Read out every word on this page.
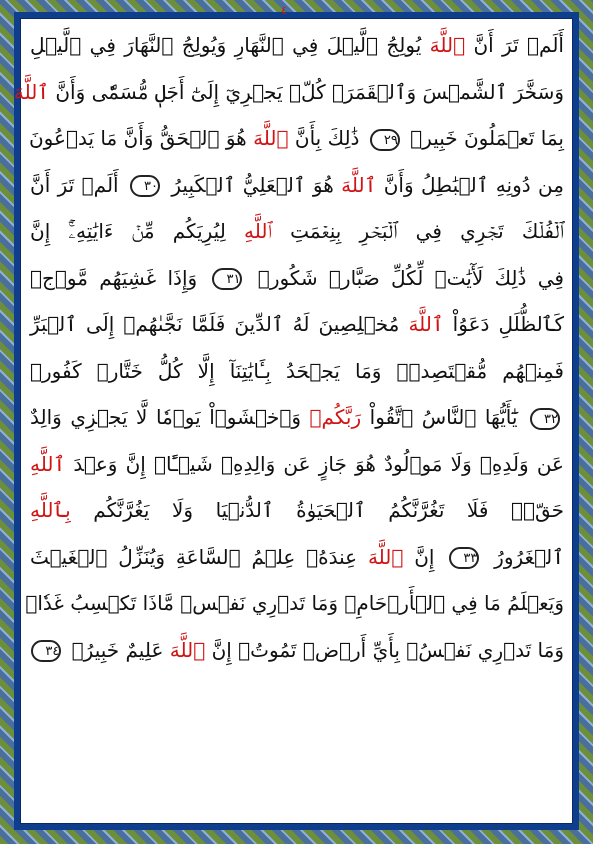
٤
أَلَمۡ تَرَ أَنَّ ٱللَّهَ يُولِجُ ٱلَّيۡلَ فِي ٱلنَّهَارِ وَيُولِجُ ٱلنَّهَارَ فِي ٱلَّيۡلِ
وَسَخَّرَ ٱلشَّمۡسَ وَٱلۡقَمَرَۖ كُلّٞ يَجۡرِيٓ إِلَىٰٓ أَجَلٖ مُّسَمّٗى وَأَنَّ ٱللَّهَ
بِمَا تَعۡمَلُونَ خَبِيرٞ ٢٩ ذَٰلِكَ بِأَنَّ ٱللَّهَ هُوَ ٱلۡحَقُّ وَأَنَّ مَا يَدۡعُونَ
مِن دُونِهِ ٱلۡبَٰطِلُ وَأَنَّ ٱللَّهَ هُوَ ٱلۡعَلِيُّ ٱلۡكَبِيرُ ٣٠ أَلَمۡ تَرَ أَنَّ
ٱلۡفُلۡكَ تَجۡرِي فِي ٱلۡبَحۡرِ بِنِعۡمَتِ ٱللَّهِ لِيُرِيَكُم مِّنۡ ءَايَٰتِهِۦٓۚ إِنَّ
فِي ذَٰلِكَ لَأٓيَٰتٖ لِّكُلِّ صَبَّارٖ شَكُورٖ ٣١ وَإِذَا غَشِيَهُم مَّوۡجٞ
كَٱلظُّلَلِ دَعَوُاْ ٱللَّهَ مُخۡلِصِينَ لَهُ ٱلدِّينَ فَلَمَّا نَجَّىٰهُمۡ إِلَى ٱلۡبَرِّ
فَمِنۡهُم مُّقۡتَصِدٞۚ وَمَا يَجۡحَدُ بِـَٔايَٰتِنَآ إِلَّا كُلُّ خَتَّارٖ كَفُورٖ
٣٢ يَٰٓأَيُّهَا ٱلنَّاسُ ٱتَّقُواْ رَبَّكُمۡ وَٱخۡشَوۡاْ يَوۡمٗا لَّا يَجۡزِي وَالِدٌ
عَن وَلَدِهِۦ وَلَا مَوۡلُودٌ هُوَ جَازٍ عَن وَالِدِهِۦ شَيۡـًٔاۚ إِنَّ وَعۡدَ ٱللَّهِ
حَقّٞۖ فَلَا تَغُرَّنَّكُمُ ٱلۡحَيَوٰةُ ٱلدُّنۡيَا وَلَا يَغُرَّنَّكُم بِٱللَّهِ
ٱلۡغَرُورُ ٣٣ إِنَّ ٱللَّهَ عِندَهُۥ عِلۡمُ ٱلسَّاعَةِ وَيُنَزِّلُ ٱلۡغَيۡثَ
وَيَعۡلَمُ مَا فِي ٱلۡأَرۡحَامِۖ وَمَا تَدۡرِي نَفۡسٞ مَّاذَا تَكۡسِبُ غَدٗاۖ
وَمَا تَدۡرِي نَفۡسُۢ بِأَيِّ أَرۡضٖ تَمُوتُۚ إِنَّ ٱللَّهَ عَلِيمٌ خَبِيرُۢ ٣٤
